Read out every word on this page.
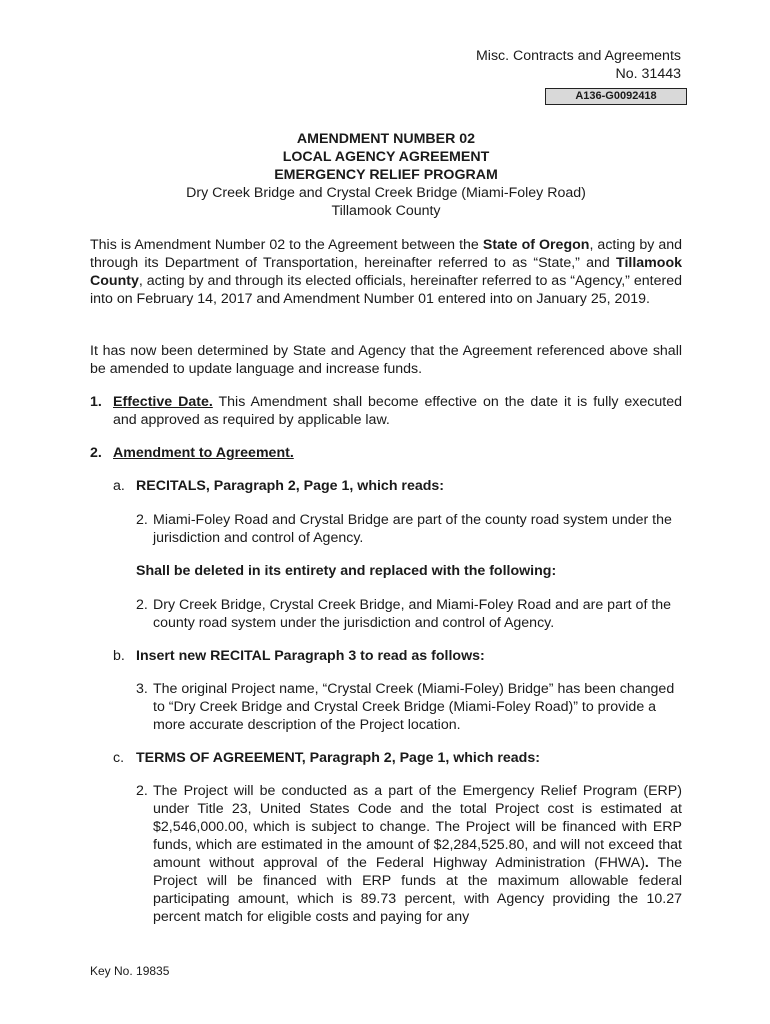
Misc. Contracts and Agreements
No. 31443
A136-G0092418
AMENDMENT NUMBER 02
LOCAL AGENCY AGREEMENT
EMERGENCY RELIEF PROGRAM
Dry Creek Bridge and Crystal Creek Bridge (Miami-Foley Road)
Tillamook County
This is Amendment Number 02 to the Agreement between the State of Oregon, acting by and through its Department of Transportation, hereinafter referred to as “State,” and Tillamook County, acting by and through its elected officials, hereinafter referred to as “Agency,” entered into on February 14, 2017 and Amendment Number 01 entered into on January 25, 2019.
It has now been determined by State and Agency that the Agreement referenced above shall be amended to update language and increase funds.
1. Effective Date. This Amendment shall become effective on the date it is fully executed and approved as required by applicable law.
2. Amendment to Agreement.
a. RECITALS, Paragraph 2, Page 1, which reads:
2. Miami-Foley Road and Crystal Bridge are part of the county road system under the jurisdiction and control of Agency.
Shall be deleted in its entirety and replaced with the following:
2. Dry Creek Bridge, Crystal Creek Bridge, and Miami-Foley Road and are part of the county road system under the jurisdiction and control of Agency.
b. Insert new RECITAL Paragraph 3 to read as follows:
3. The original Project name, “Crystal Creek (Miami-Foley) Bridge” has been changed to “Dry Creek Bridge and Crystal Creek Bridge (Miami-Foley Road)” to provide a more accurate description of the Project location.
c. TERMS OF AGREEMENT, Paragraph 2, Page 1, which reads:
2. The Project will be conducted as a part of the Emergency Relief Program (ERP) under Title 23, United States Code and the total Project cost is estimated at $2,546,000.00, which is subject to change. The Project will be financed with ERP funds, which are estimated in the amount of $2,284,525.80, and will not exceed that amount without approval of the Federal Highway Administration (FHWA). The Project will be financed with ERP funds at the maximum allowable federal participating amount, which is 89.73 percent, with Agency providing the 10.27 percent match for eligible costs and paying for any
Key No. 19835
